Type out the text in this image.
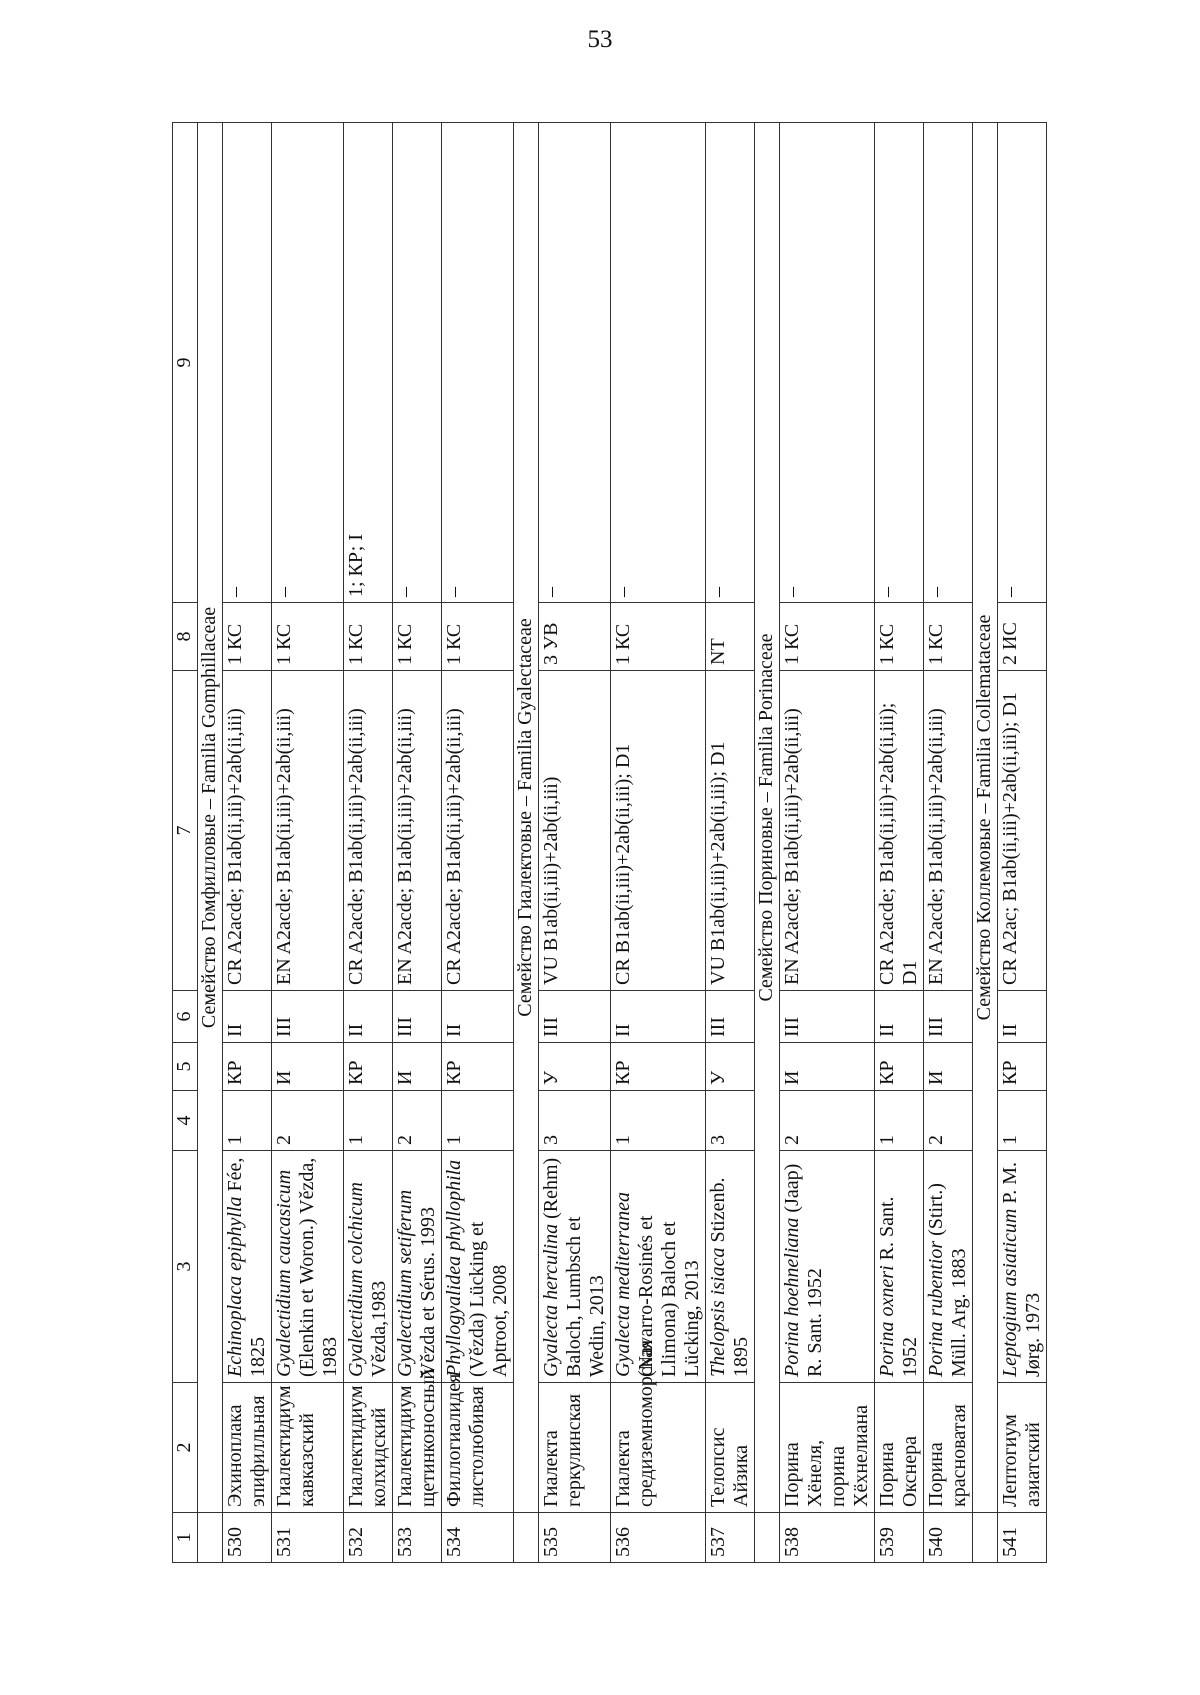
53
1	2	3	4	5	6	7	8	9
	Семейство Гомфилловые – Familia Gomphillaceae							
530	Эхиноплака эпифилльная	Echinoplaca epiphylla Fée, 1825	1	КР	II	CR A2acde; B1ab(ii,iii)+2ab(ii,iii)	1 КС	–
531	Гиалектидиум кавказский	Gyalectidium caucasicum (Elenkin et Woron.) Vězda, 1983	2	И	III	EN A2acde; B1ab(ii,iii)+2ab(ii,iii)	1 КС	–
532	Гиалектидиум колхидский	Gyalectidium colchicum Vězda,1983	1	КР	II	CR A2acde; B1ab(ii,iii)+2ab(ii,iii)	1 КС	1; КР; I
533	Гиалектидиум щетинконосный	Gyalectidium setiferum Vězda et Sérus. 1993	2	И	III	EN A2acde; B1ab(ii,iii)+2ab(ii,iii)	1 КС	–
534	Филлогиалидея листолюбивая	Phyllogyalidea phyllophila (Vězda) Lücking et Aptroot, 2008	1	КР	II	CR A2acde; B1ab(ii,iii)+2ab(ii,iii)	1 КС	–
	Семейство Гиалектовые – Familia Gyalectaceae							
535	Гиалекта геркулинская	Gyalecta herculina (Rehm) Baloch, Lumbsch et Wedin, 2013	3	У	III	VU B1ab(ii,iii)+2ab(ii,iii)	3 УВ	–
536	Гиалекта средиземноморская	Gyalecta mediterranea (Navarro-Rosinés et Llimona) Baloch et Lücking, 2013	1	КР	II	CR B1ab(ii,iii)+2ab(ii,iii); D1	1 КС	–
537	Телопсис Айзика	Thelopsis isiaca Stizenb. 1895	3	У	III	VU B1ab(ii,iii)+2ab(ii,iii); D1	NT	–
	Семейство Пориновые – Familia Porinaceae							
538	Порина Хёнеля, порина Хёхнелиана	Porina hoehneliana (Jaap) R. Sant. 1952	2	И	III	EN A2acde; B1ab(ii,iii)+2ab(ii,iii)	1 КС	–
539	Порина Окснера	Porina oxneri R. Sant. 1952	1	КР	II	CR A2acde; B1ab(ii,iii)+2ab(ii,iii); D1	1 КС	–
540	Порина красноватая	Porina rubentior (Stirt.) Müll. Arg. 1883	2	И	III	EN A2acde; B1ab(ii,iii)+2ab(ii,iii)	1 КС	–
	Семейство Коллемовые – Familia Collemataceae							
541	Лептогиум азиатский	Leptogium asiaticum P. M. Jørg. 1973	1	КР	II	CR A2ac; B1ab(ii,iii)+2ab(ii,iii); D1	2 ИС	–
